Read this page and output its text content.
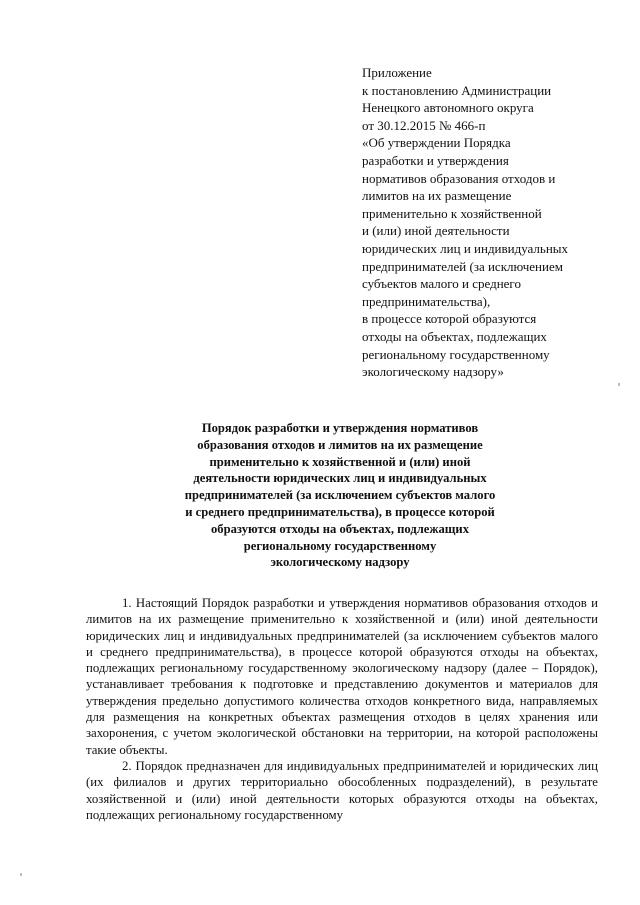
Приложение
к постановлению Администрации
Ненецкого автономного округа
от 30.12.2015 № 466-п
«Об утверждении Порядка
разработки и утверждения
нормативов образования отходов и
лимитов на их размещение
применительно к хозяйственной
и (или) иной деятельности
юридических лиц и индивидуальных
предпринимателей (за исключением
субъектов малого и среднего
предпринимательства),
в процессе которой образуются
отходы на объектах, подлежащих
региональному государственному
экологическому надзору»
Порядок разработки и утверждения нормативов
образования отходов и лимитов на их размещение
применительно к хозяйственной и (или) иной
деятельности юридических лиц и индивидуальных
предпринимателей (за исключением субъектов малого
и среднего предпринимательства), в процессе которой
образуются отходы на объектах, подлежащих
региональному государственному
экологическому надзору

1. Настоящий Порядок разработки и утверждения нормативов образования отходов и лимитов на их размещение применительно к хозяйственной и (или) иной деятельности юридических лиц и индивидуальных предпринимателей (за исключением субъектов малого и среднего предпринимательства), в процессе которой образуются отходы на объектах, подлежащих региональному государственному экологическому надзору (далее – Порядок), устанавливает требования к подготовке и представлению документов и материалов для утверждения предельно допустимого количества отходов конкретного вида, направляемых для размещения на конкретных объектах размещения отходов в целях хранения или захоронения, с учетом экологической обстановки на территории, на которой расположены такие объекты.

2. Порядок предназначен для индивидуальных предпринимателей и юридических лиц (их филиалов и других территориально обособленных подразделений), в результате хозяйственной и (или) иной деятельности которых образуются отходы на объектах, подлежащих региональному государственному
